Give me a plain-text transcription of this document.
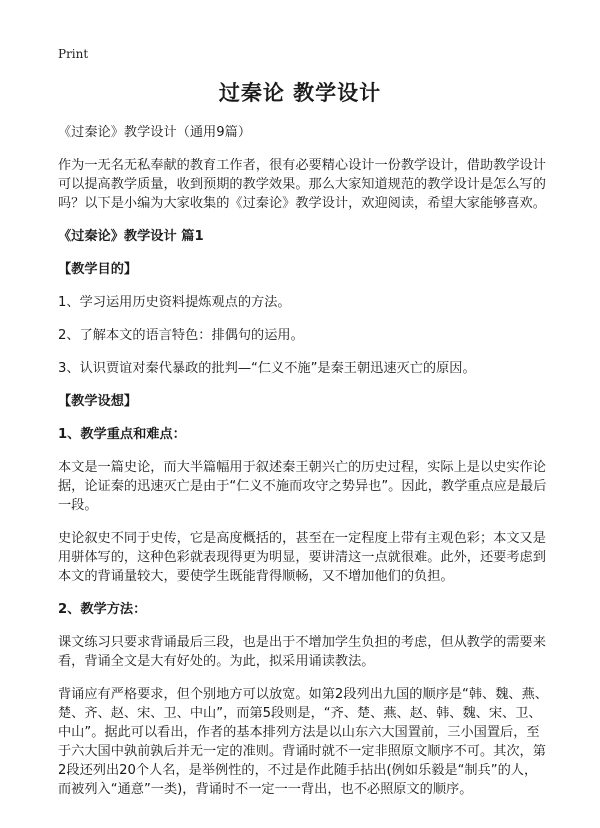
Print
过秦论 教学设计

《过秦论》教学设计（通用9篇）

作为一无名无私奉献的教育工作者，很有必要精心设计一份教学设计，借助教学设计可以提高教学质量，收到预期的教学效果。那么大家知道规范的教学设计是怎么写的吗？以下是小编为大家收集的《过秦论》教学设计，欢迎阅读，希望大家能够喜欢。

《过秦论》教学设计 篇1

【教学目的】

1、学习运用历史资料提炼观点的方法。

2、了解本文的语言特色：排偶句的运用。

3、认识贾谊对秦代暴政的批判—“仁义不施”是秦王朝迅速灭亡的原因。

【教学设想】

1、教学重点和难点：

本文是一篇史论，而大半篇幅用于叙述秦王朝兴亡的历史过程，实际上是以史实作论据，论证秦的迅速灭亡是由于“仁义不施而攻守之势异也”。因此，教学重点应是最后一段。

史论叙史不同于史传，它是高度概括的，甚至在一定程度上带有主观色彩；本文又是用骈体写的，这种色彩就表现得更为明显，要讲清这一点就很难。此外，还要考虑到本文的背诵量较大，要使学生既能背得顺畅，又不增加他们的负担。

2、教学方法：

课文练习只要求背诵最后三段，也是出于不增加学生负担的考虑，但从教学的需要来看，背诵全文是大有好处的。为此，拟采用诵读教法。

背诵应有严格要求，但个别地方可以放宽。如第2段列出九国的顺序是“韩、魏、燕、楚、齐、赵、宋、卫、中山”，而第5段则是，“齐、楚、燕、赵、韩、魏、宋、卫、中山”。据此可以看出，作者的基本排列方法是以山东六大国置前，三小国置后，至于六大国中孰前孰后并无一定的准则。背诵时就不一定非照原文顺序不可。其次，第2段还列出20个人名，是举例性的，不过是作此随手拈出(例如乐毅是“制兵”的人，而被列入“通意”一类)，背诵时不一定一一背出，也不必照原文的顺序。
